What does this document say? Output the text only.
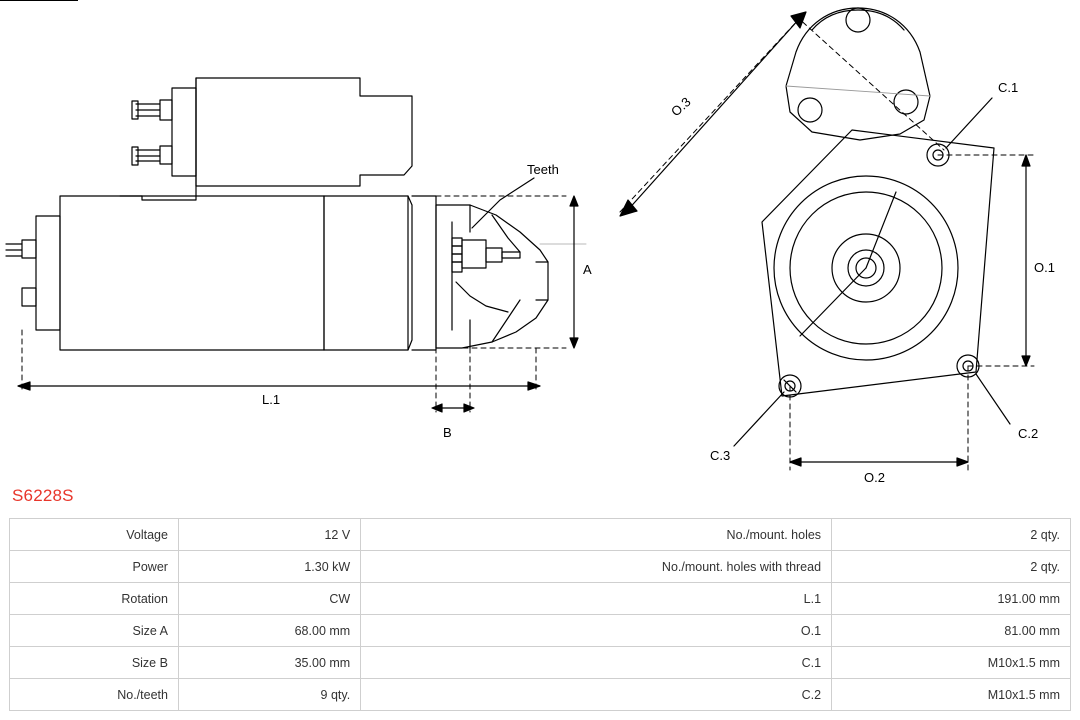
Teeth
A
B
L.1
O.3
O.1
O.2
C.1
C.2
C.3
S6228S
Voltage	12 V	No./mount. holes	2 qty.
Power	1.30 kW	No./mount. holes with thread	2 qty.
Rotation	CW	L.1	191.00 mm
Size A	68.00 mm	O.1	81.00 mm
Size B	35.00 mm	C.1	M10x1.5 mm
No./teeth	9 qty.	C.2	M10x1.5 mm
